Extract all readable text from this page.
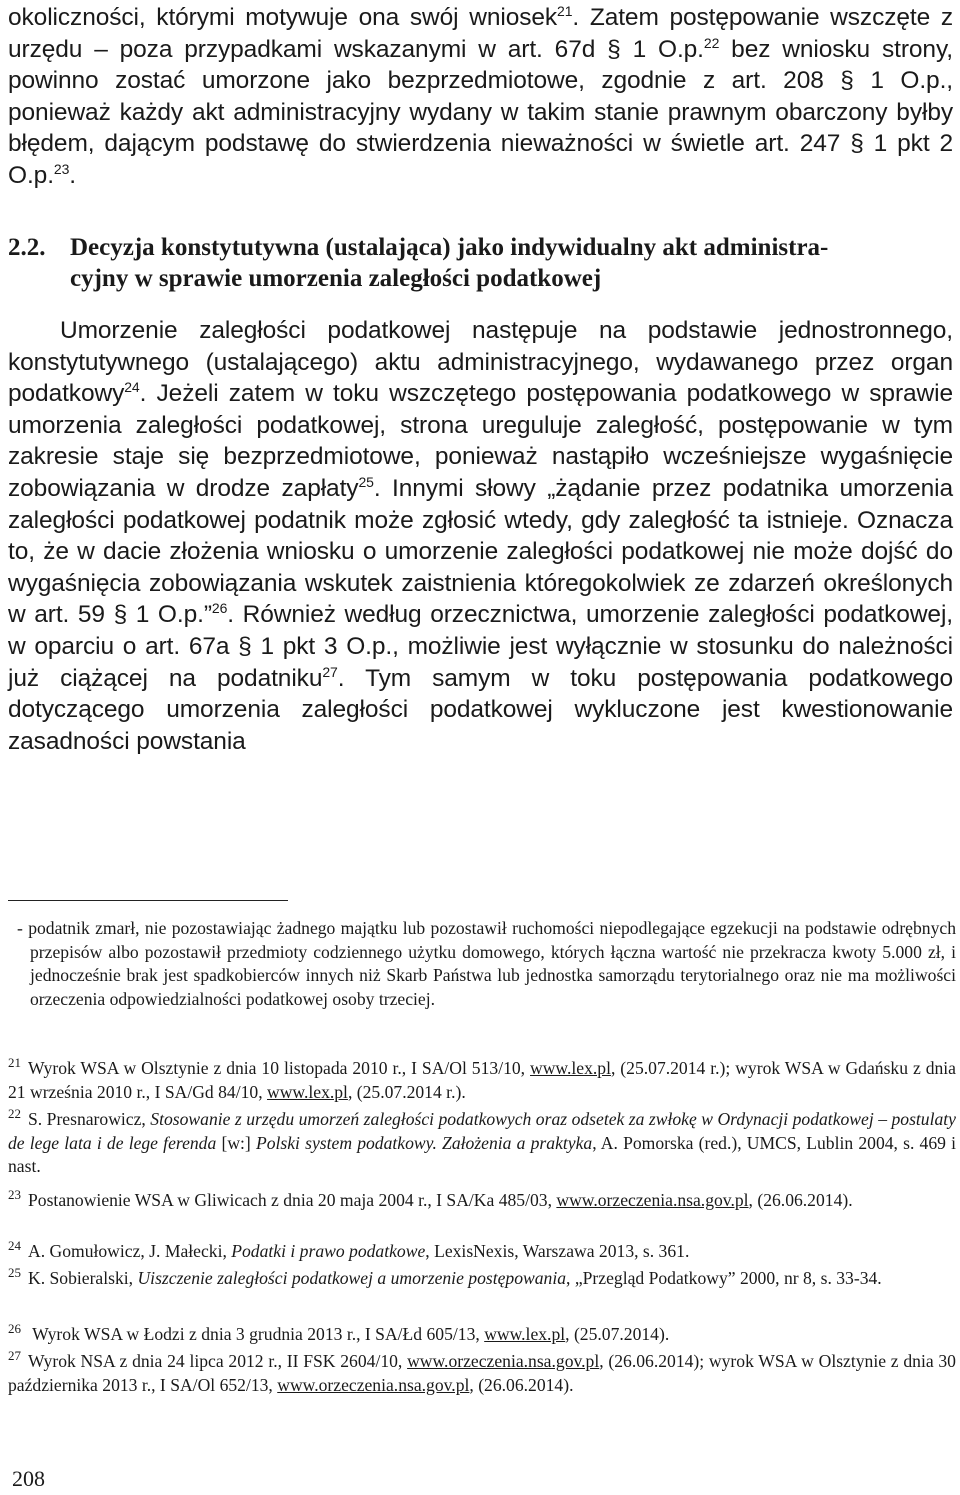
okoliczności, którymi motywuje ona swój wniosek$^{21}$. Zatem postępowanie wszczęte z urzędu – poza przypadkami wskazanymi w art. 67d § 1 O.p.$^{22}$ bez wniosku strony, powinno zostać umorzone jako bezprzedmiotowe, zgodnie z art. 208 § 1 O.p., ponieważ każdy akt administracyjny wydany w takim stanie prawnym obarczony byłby błędem, dającym podstawę do stwierdzenia nieważności w świetle art. 247 § 1 pkt 2 O.p.$^{23}$.
2.2. Decyzja konstytutywna (ustalająca) jako indywidualny akt administra-
cyjny w sprawie umorzenia zaległości podatkowej
Umorzenie zaległości podatkowej następuje na podstawie jednostronnego, konstytutywnego (ustalającego) aktu administracyjnego, wydawanego przez organ podatkowy$^{24}$. Jeżeli zatem w toku wszczętego postępowania podatkowego w sprawie umorzenia zaległości podatkowej, strona ureguluje zaległość, postępowanie w tym zakresie staje się bezprzedmiotowe, ponieważ nastąpiło wcześniejsze wygaśnięcie zobowiązania w drodze zapłaty$^{25}$. Innymi słowy „żądanie przez podatnika umorzenia zaległości podatkowej podatnik może zgłosić wtedy, gdy zaległość ta istnieje. Oznacza to, że w dacie złożenia wniosku o umorzenie zaległości podatkowej nie może dojść do wygaśnięcia zobowiązania wskutek zaistnienia któregokolwiek ze zdarzeń określonych w art. 59 § 1 O.p.”$^{26}$. Również według orzecznictwa, umorzenie zaległości podatkowej, w oparciu o art. 67a § 1 pkt 3 O.p., możliwie jest wyłącznie w stosunku do należności już ciążącej na podatniku$^{27}$. Tym samym w toku postępowania podatkowego dotyczącego umorzenia zaległości podatkowej wykluczone jest kwestionowanie zasadności powstania
- podatnik zmarł, nie pozostawiając żadnego majątku lub pozostawił ruchomości niepodlegające egzekucji na podstawie odrębnych przepisów albo pozostawił przedmioty codziennego użytku domowego, których łączna wartość nie przekracza kwoty 5.000 zł, i jednocześnie brak jest spadkobierców innych niż Skarb Państwa lub jednostka samorządu terytorialnego oraz nie ma możliwości orzeczenia odpowiedzialności podatkowej osoby trzeciej.
21 Wyrok WSA w Olsztynie z dnia 10 listopada 2010 r., I SA/Ol 513/10, www.lex.pl, (25.07.2014 r.); wyrok WSA w Gdańsku z dnia 21 września 2010 r., I SA/Gd 84/10, www.lex.pl, (25.07.2014 r.).
22 S. Presnarowicz, Stosowanie z urzędu umorzeń zaległości podatkowych oraz odsetek za zwłokę w Ordynacji podatkowej – postulaty de lege lata i de lege ferenda [w:] Polski system podatkowy. Założenia a praktyka, A. Pomorska (red.), UMCS, Lublin 2004, s. 469 i nast.
23 Postanowienie WSA w Gliwicach z dnia 20 maja 2004 r., I SA/Ka 485/03, www.orzeczenia.nsa.gov.pl, (26.06.2014).
24 A. Gomułowicz, J. Małecki, Podatki i prawo podatkowe, LexisNexis, Warszawa 2013, s. 361.
25 K. Sobieralski, Uiszczenie zaległości podatkowej a umorzenie postępowania, „Przegląd Podatkowy” 2000, nr 8, s. 33-34.
26 Wyrok WSA w Łodzi z dnia 3 grudnia 2013 r., I SA/Łd 605/13, www.lex.pl, (25.07.2014).
27 Wyrok NSA z dnia 24 lipca 2012 r., II FSK 2604/10, www.orzeczenia.nsa.gov.pl, (26.06.2014); wyrok WSA w Olsztynie z dnia 30 października 2013 r., I SA/Ol 652/13, www.orzeczenia.nsa.gov.pl, (26.06.2014).
208
